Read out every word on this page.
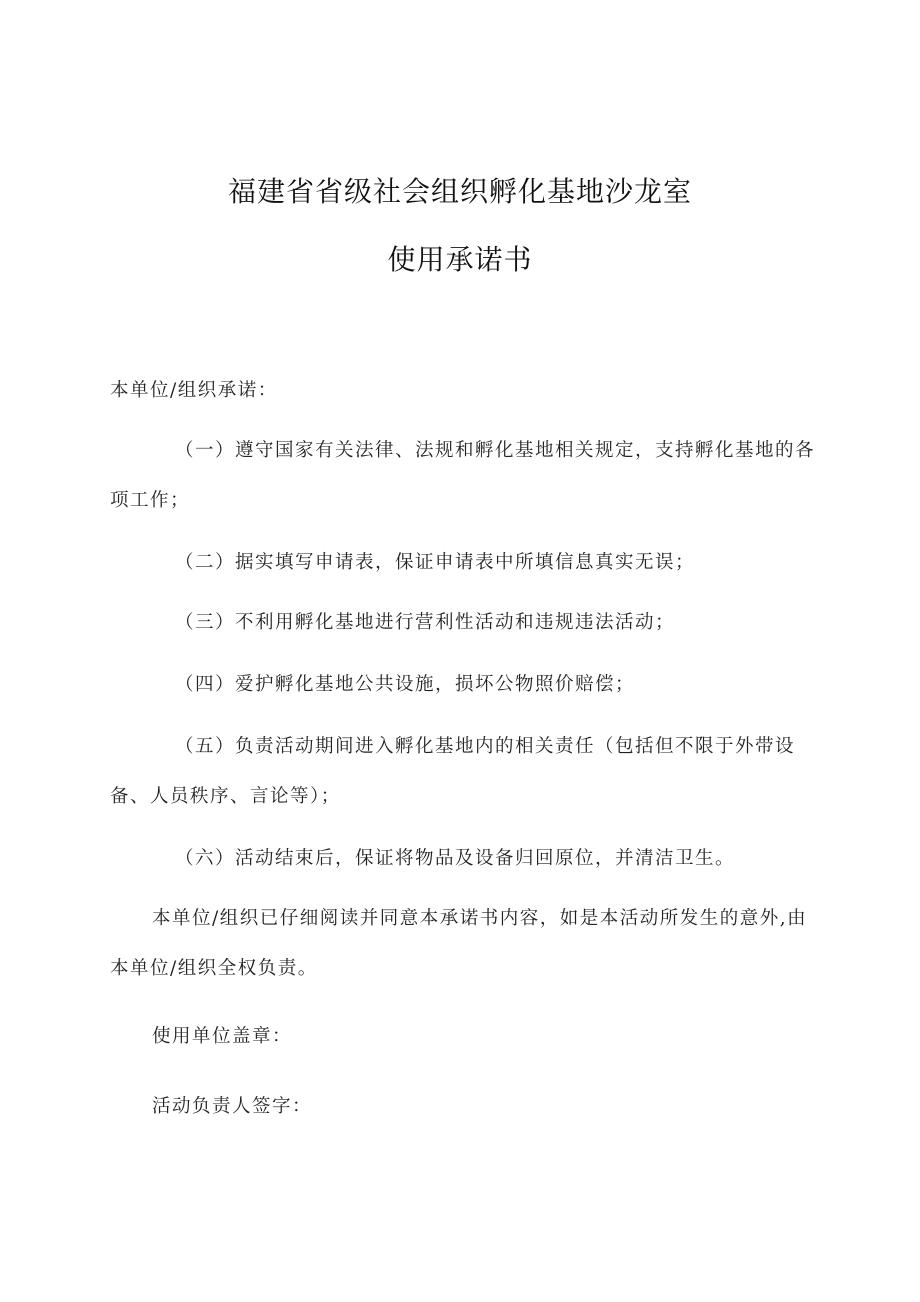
福建省省级社会组织孵化基地沙龙室
使用承诺书
本单位/组织承诺：
（一）遵守国家有关法律、法规和孵化基地相关规定，支持孵化基地的各
项工作；
（二）据实填写申请表，保证申请表中所填信息真实无误；
（三）不利用孵化基地进行营利性活动和违规违法活动；
（四）爱护孵化基地公共设施，损坏公物照价赔偿；
（五）负责活动期间进入孵化基地内的相关责任（包括但不限于外带设
备、人员秩序、言论等）；
（六）活动结束后，保证将物品及设备归回原位，并清洁卫生。
本单位/组织已仔细阅读并同意本承诺书内容，如是本活动所发生的意外,由
本单位/组织全权负责。
使用单位盖章：
活动负责人签字：
